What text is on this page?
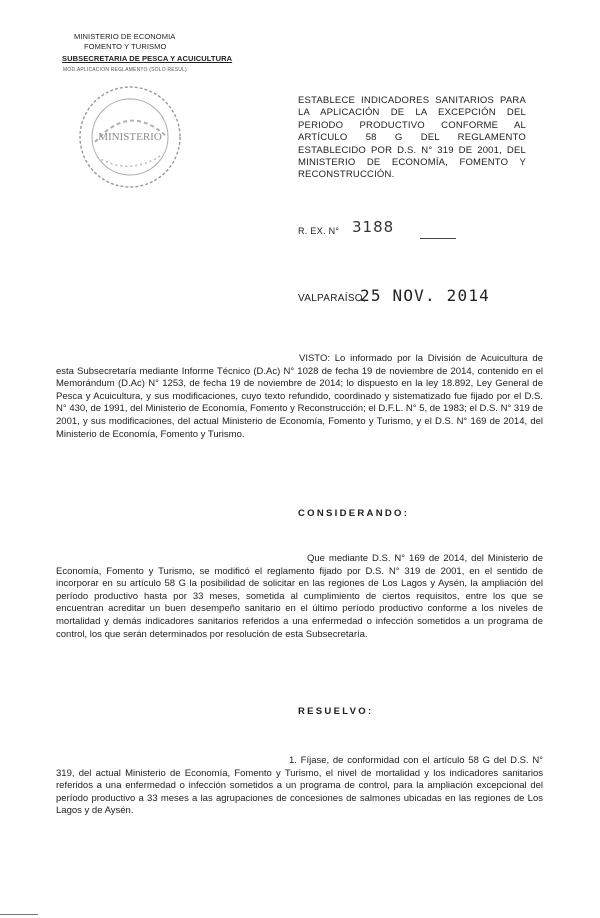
MINISTERIO DE ECONOMIA
FOMENTO Y TURISMO
SUBSECRETARIA DE PESCA Y ACUICULTURA
MOD.APLICACION REGLAMENTO (SOLO RESUL)
MINISTERIO
ESTABLECE INDICADORES SANITARIOS PARA LA APLICACIÓN DE LA EXCEPCIÓN DEL PERIODO PRODUCTIVO CONFORME AL ARTÍCULO 58 G DEL REGLAMENTO ESTABLECIDO POR D.S. N° 319 DE 2001, DEL MINISTERIO DE ECONOMÍA, FOMENTO Y RECONSTRUCCIÓN.
R. EX. N° 3188
VALPARAÍSO,
25 NOV. 2014
VISTO: Lo informado por la División de Acuicultura de esta Subsecretaría mediante Informe Técnico (D.Ac) N° 1028 de fecha 19 de noviembre de 2014, contenido en el Memorándum (D.Ac) N° 1253, de fecha 19 de noviembre de 2014; lo dispuesto en la ley 18.892, Ley General de Pesca y Acuicultura, y sus modificaciones, cuyo texto refundido, coordinado y sistematizado fue fijado por el D.S. N° 430, de 1991, del Ministerio de Economía, Fomento y Reconstrucción; el D.F.L. N° 5, de 1983; el D.S. N° 319 de 2001, y sus modificaciones, del actual Ministerio de Economía, Fomento y Turismo, y el D.S. N° 169 de 2014, del Ministerio de Economía, Fomento y Turismo.
CONSIDERANDO:
Que mediante D.S. N° 169 de 2014, del Ministerio de Economía, Fomento y Turismo, se modificó el reglamento fijado por D.S. N° 319 de 2001, en el sentido de incorporar en su artículo 58 G la posibilidad de solicitar en las regiones de Los Lagos y Aysén, la ampliación del período productivo hasta por 33 meses, sometida al cumplimiento de ciertos requisitos, entre los que se encuentran acreditar un buen desempeño sanitario en el último período productivo conforme a los niveles de mortalidad y demás indicadores sanitarios referidos a una enfermedad o infección sometidos a un programa de control, los que serán determinados por resolución de esta Subsecretaría.
RESUELVO:
1. Fíjase, de conformidad con el artículo 58 G del D.S. N° 319, del actual Ministerio de Economía, Fomento y Turismo, el nivel de mortalidad y los indicadores sanitarios referidos a una enfermedad o infección sometidos a un programa de control, para la ampliación excepcional del período productivo a 33 meses a las agrupaciones de concesiones de salmones ubicadas en las regiones de Los Lagos y de Aysén.
